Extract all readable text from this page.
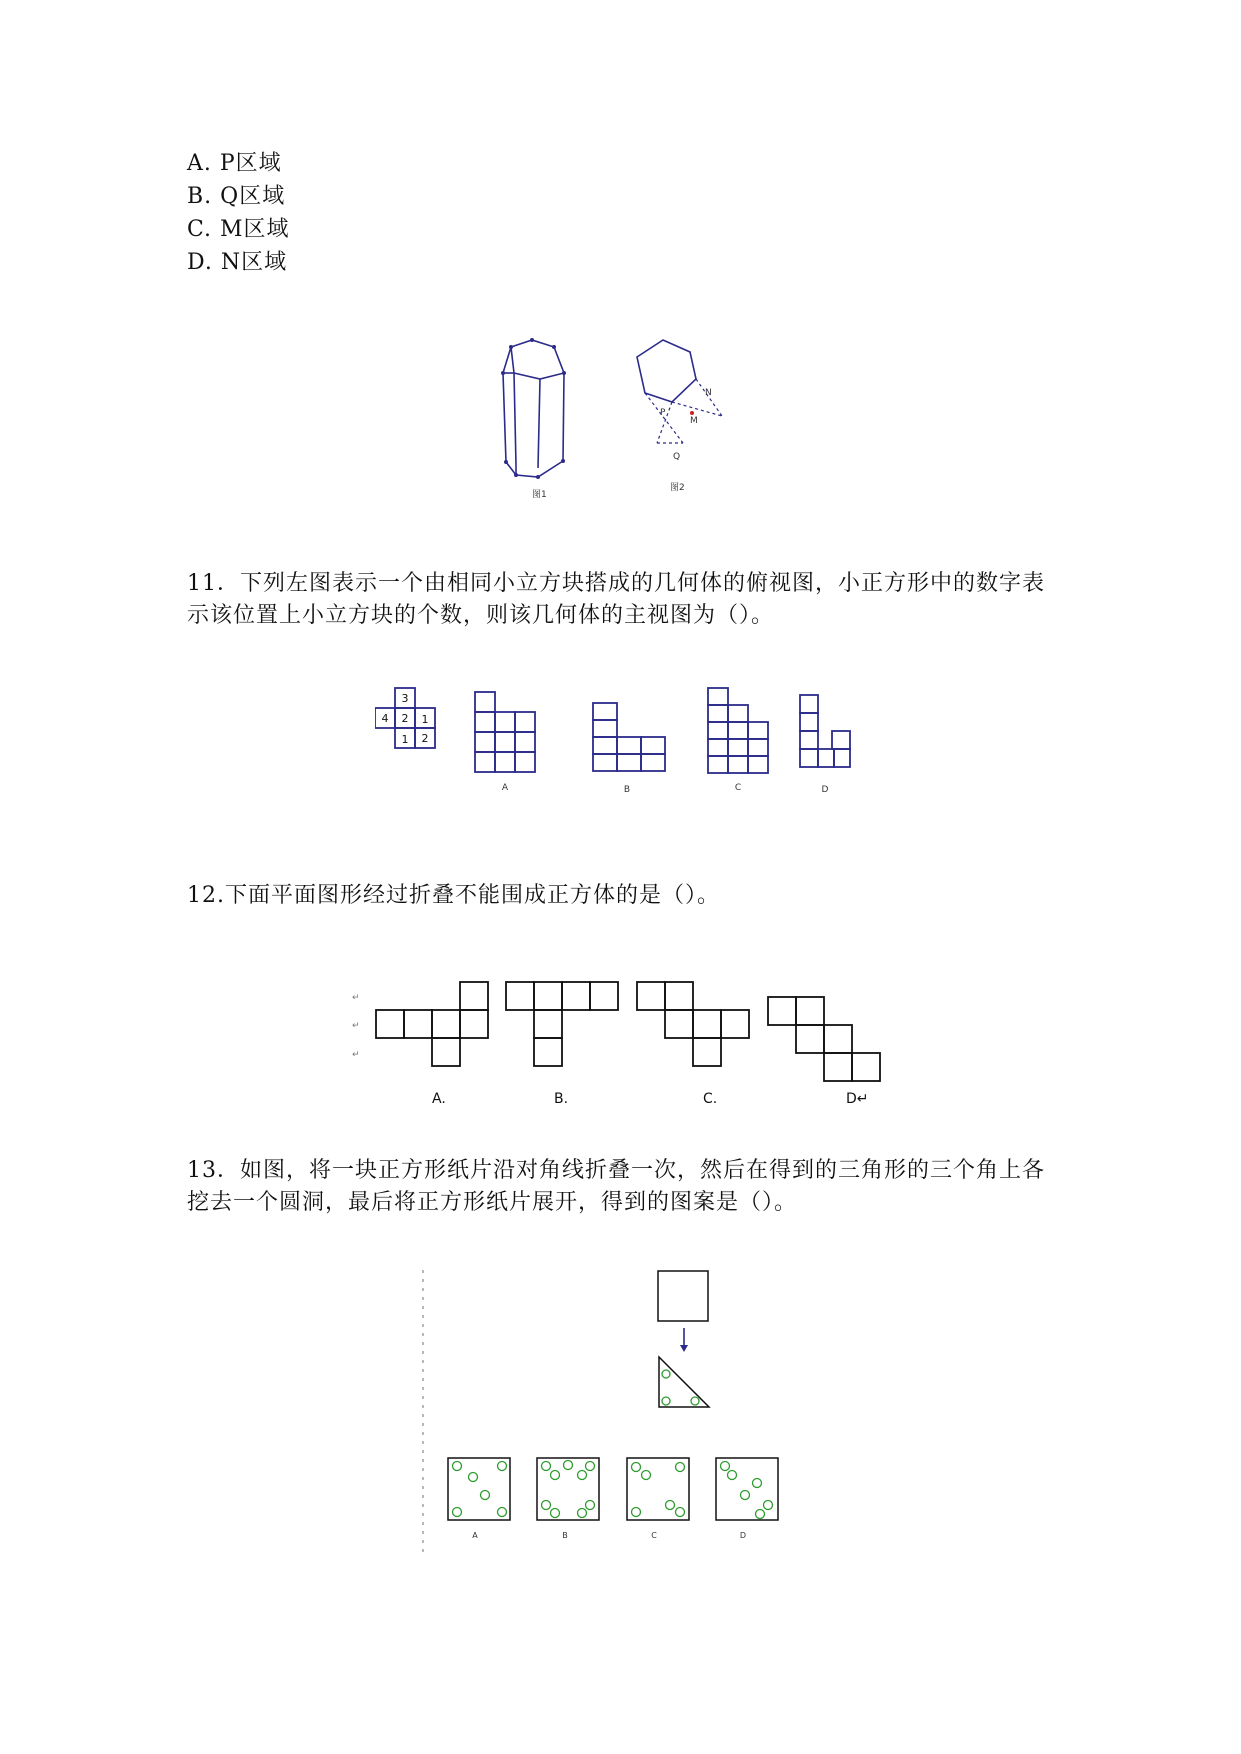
A. P区域
B. Q区域
C. M区域
D. N区域
图1
N
P
M
Q
图2
11．下列左图表示一个由相同小立方块搭成的几何体的俯视图，小正方形中的数字表示该位置上小立方块的个数，则该几何体的主视图为（）。
3
4 2 1
1 2
A	B	C	D
12.下面平面图形经过折叠不能围成正方体的是（）。
↵
↵
↵
A.	B.	C.	D↵
13．如图，将一块正方形纸片沿对角线折叠一次，然后在得到的三角形的三个角上各挖去一个圆洞，最后将正方形纸片展开，得到的图案是（）。
A	B	C	D
